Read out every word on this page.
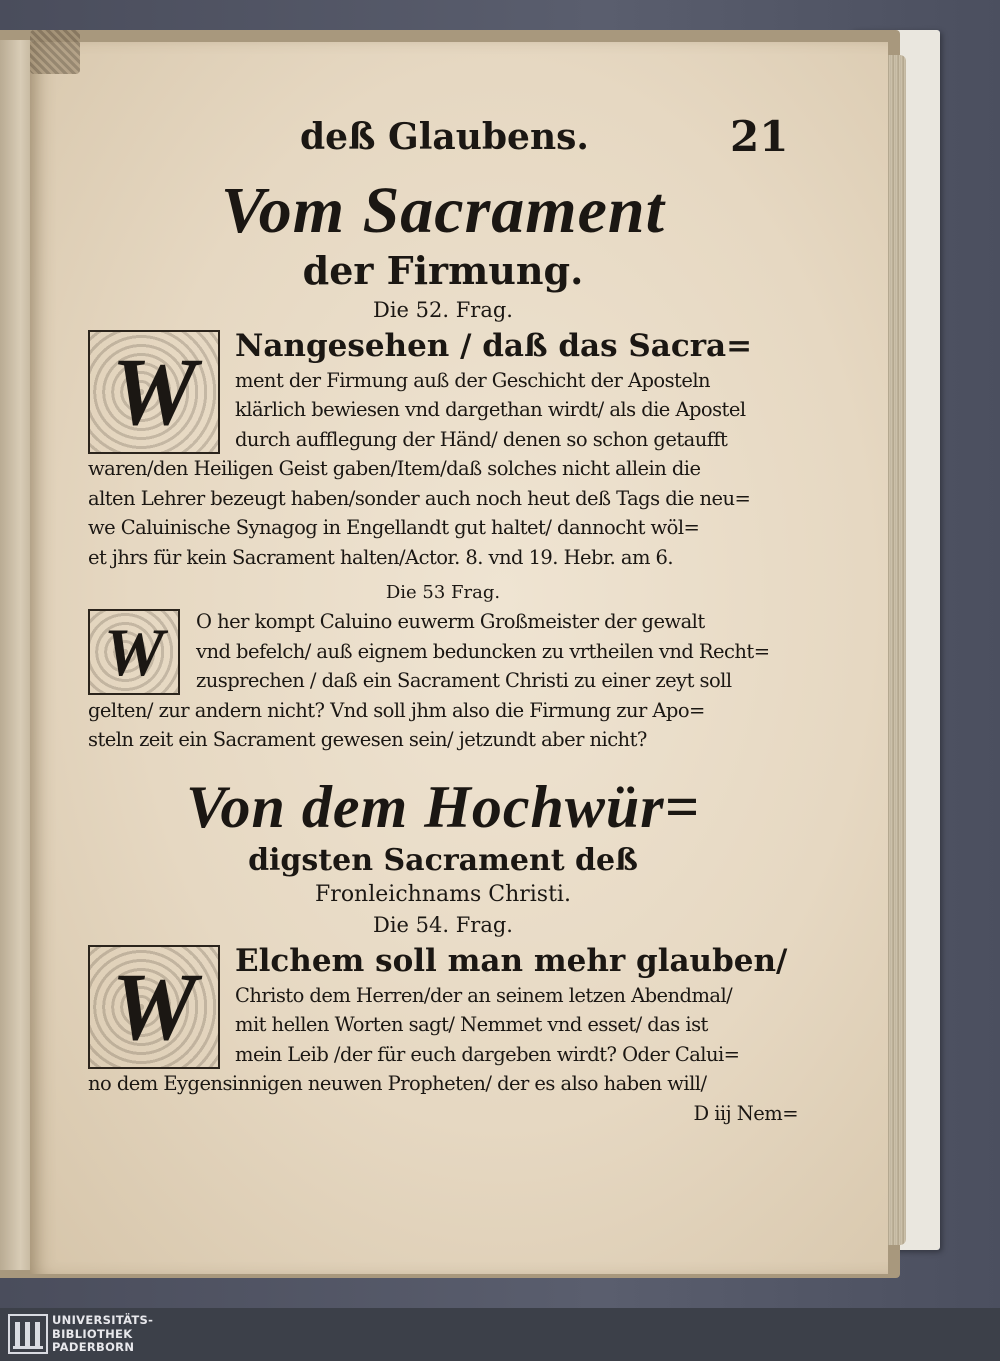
deß Glaubens.	21
Vom Sacrament
der Firmung.
Die 52. Frag.
W	Nangesehen / daß das Sacra=
ment der Firmung auß der Geschicht der Aposteln
klärlich bewiesen vnd dargethan wirdt/ als die Apostel
durch aufflegung der Händ/ denen so schon getaufft
waren/den Heiligen Geist gaben/Item/daß solches nicht allein die
alten Lehrer bezeugt haben/sonder auch noch heut deß Tags die neu=
we Caluinische Synagog in Engellandt gut haltet/ dannocht wöl=
et jhrs für kein Sacrament halten/Actor. 8. vnd 19. Hebr. am 6.
Die 53 Frag.
W	O her kompt Caluino euwerm Großmeister der gewalt
vnd befelch/ auß eignem beduncken zu vrtheilen vnd Recht=
zusprechen / daß ein Sacrament Christi zu einer zeyt soll
gelten/ zur andern nicht? Vnd soll jhm also die Firmung zur Apo=
steln zeit ein Sacrament gewesen sein/ jetzundt aber nicht?
Von dem Hochwür=
digsten Sacrament deß
Fronleichnams Christi.
Die 54. Frag.
W	Elchem soll man mehr glauben/
Christo dem Herren/der an seinem letzen Abendmal/
mit hellen Worten sagt/ Nemmet vnd esset/ das ist
mein Leib /der für euch dargeben wirdt? Oder Calui=
no dem Eygensinnigen neuwen Propheten/ der es also haben will/
D iij Nem=
UNIVERSITÄTS-
BIBLIOTHEK
PADERBORN
